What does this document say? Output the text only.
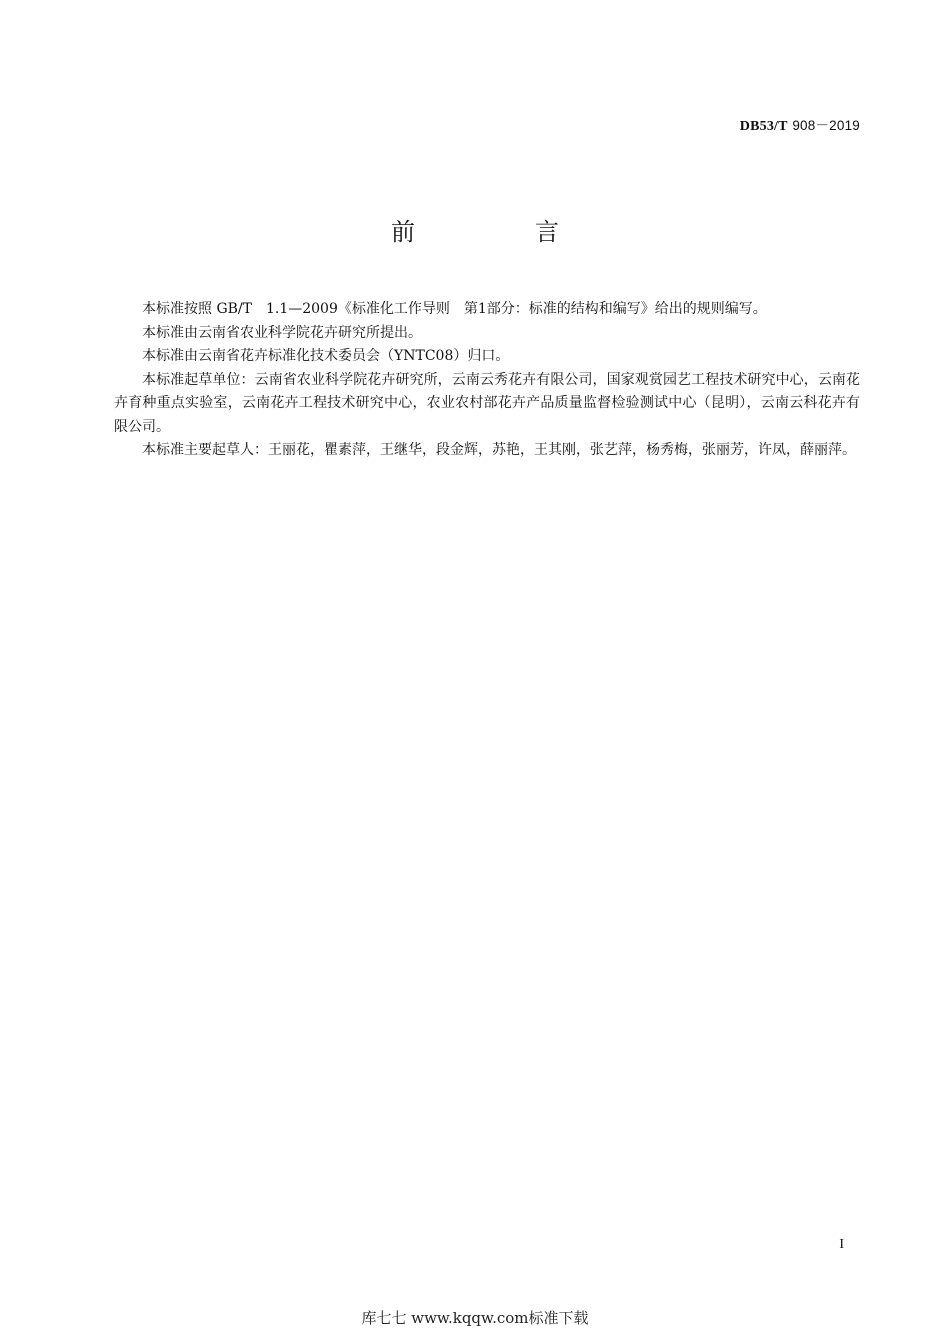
DB53/T 908－2019
前　言

本标准按照 GB/T　1.1—2009《标准化工作导则　第1部分：标准的结构和编写》给出的规则编写。

本标准由云南省农业科学院花卉研究所提出。

本标准由云南省花卉标准化技术委员会（YNTC08）归口。

本标准起草单位：云南省农业科学院花卉研究所，云南云秀花卉有限公司，国家观赏园艺工程技术研究中心，云南花卉育种重点实验室，云南花卉工程技术研究中心，农业农村部花卉产品质量监督检验测试中心（昆明），云南云科花卉有限公司。

本标准主要起草人：王丽花，瞿素萍，王继华，段金辉，苏艳，王其刚，张艺萍，杨秀梅，张丽芳，许凤，薛丽萍。

I
库七七 www.kqqw.com标准下载
